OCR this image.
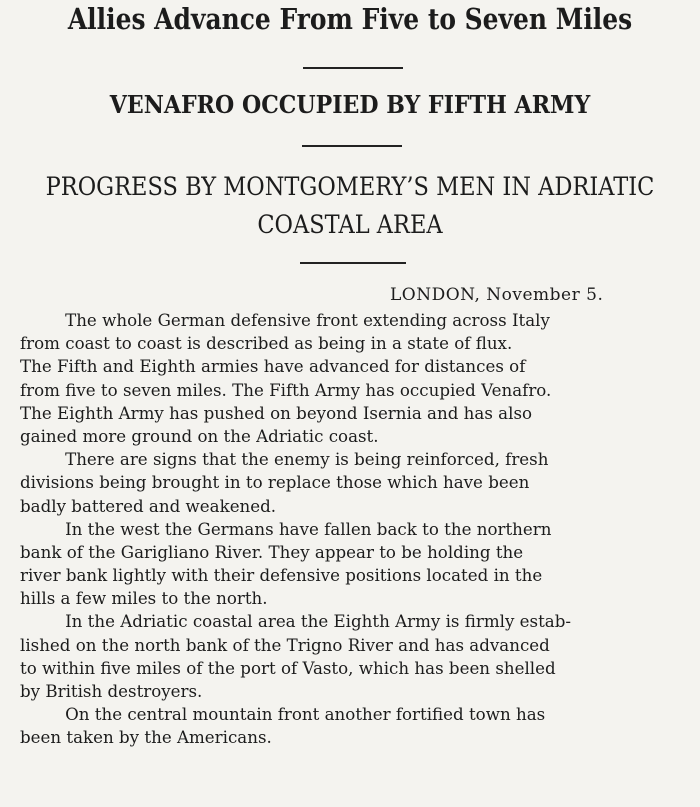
Allies Advance From Five to Seven Miles
VENAFRO OCCUPIED BY FIFTH ARMY
PROGRESS BY MONTGOMERY’S MEN IN ADRIATIC
COASTAL AREA

LONDON, November 5.

The whole German defensive front extending across Italy
from coast to coast is described as being in a state of flux.
The Fifth and Eighth armies have advanced for distances of
from five to seven miles. The Fifth Army has occupied Venafro.
The Eighth Army has pushed on beyond Isernia and has also
gained more ground on the Adriatic coast.
There are signs that the enemy is being reinforced, fresh
divisions being brought in to replace those which have been
badly battered and weakened.
In the west the Germans have fallen back to the northern
bank of the Garigliano River. They appear to be holding the
river bank lightly with their defensive positions located in the
hills a few miles to the north.
In the Adriatic coastal area the Eighth Army is firmly estab-
lished on the north bank of the Trigno River and has advanced
to within five miles of the port of Vasto, which has been shelled
by British destroyers.
On the central mountain front another fortified town has
been taken by the Americans.
